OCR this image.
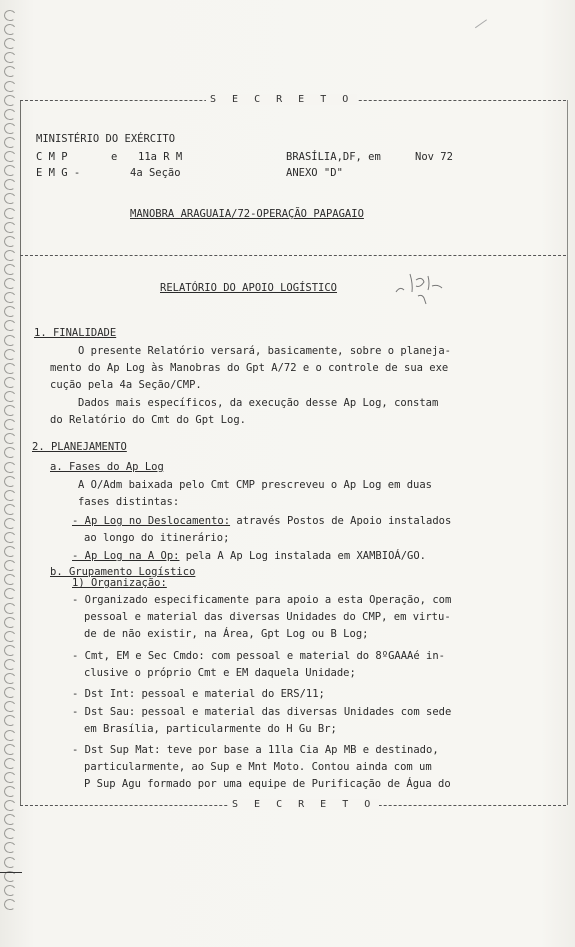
S E C R E T O
MINISTÉRIO DO EXÉRCITO
C M P	e 11a R M
E M G -	4a Seção
BRASÍLIA,DF, em	Nov 72
ANEXO "D"
MANOBRA ARAGUAIA/72-OPERAÇÃO PAPAGAIO
RELATÓRIO DO APOIO LOGÍSTICO
1. FINALIDADE
O presente Relatório versará, basicamente, sobre o planeja-
mento do Ap Log às Manobras do Gpt A/72 e o controle de sua exe
cução pela 4a Seção/CMP.
Dados mais específicos, da execução desse Ap Log, constam
do Relatório do Cmt do Gpt Log.
2. PLANEJAMENTO
a. Fases do Ap Log
A O/Adm baixada pelo Cmt CMP prescreveu o Ap Log em duas
fases distintas:
- Ap Log no Deslocamento: através Postos de Apoio instalados
ao longo do itinerário;
- Ap Log na A Op: pela A Ap Log instalada em XAMBIOÁ/GO.
b. Grupamento Logístico
1) Organização:
- Organizado especificamente para apoio a esta Operação, com
pessoal e material das diversas Unidades do CMP, em virtu-
de de não existir, na Área, Gpt Log ou B Log;
- Cmt, EM e Sec Cmdo: com pessoal e material do 8ºGAAAé in-
clusive o próprio Cmt e EM daquela Unidade;
- Dst Int: pessoal e material do ERS/11;
- Dst Sau: pessoal e material das diversas Unidades com sede
em Brasília, particularmente do H Gu Br;
- Dst Sup Mat: teve por base a 11la Cia Ap MB e destinado,
particularmente, ao Sup e Mnt Moto. Contou ainda com um
P Sup Agu formado por uma equipe de Purificação de Água do
S E C R E T O
